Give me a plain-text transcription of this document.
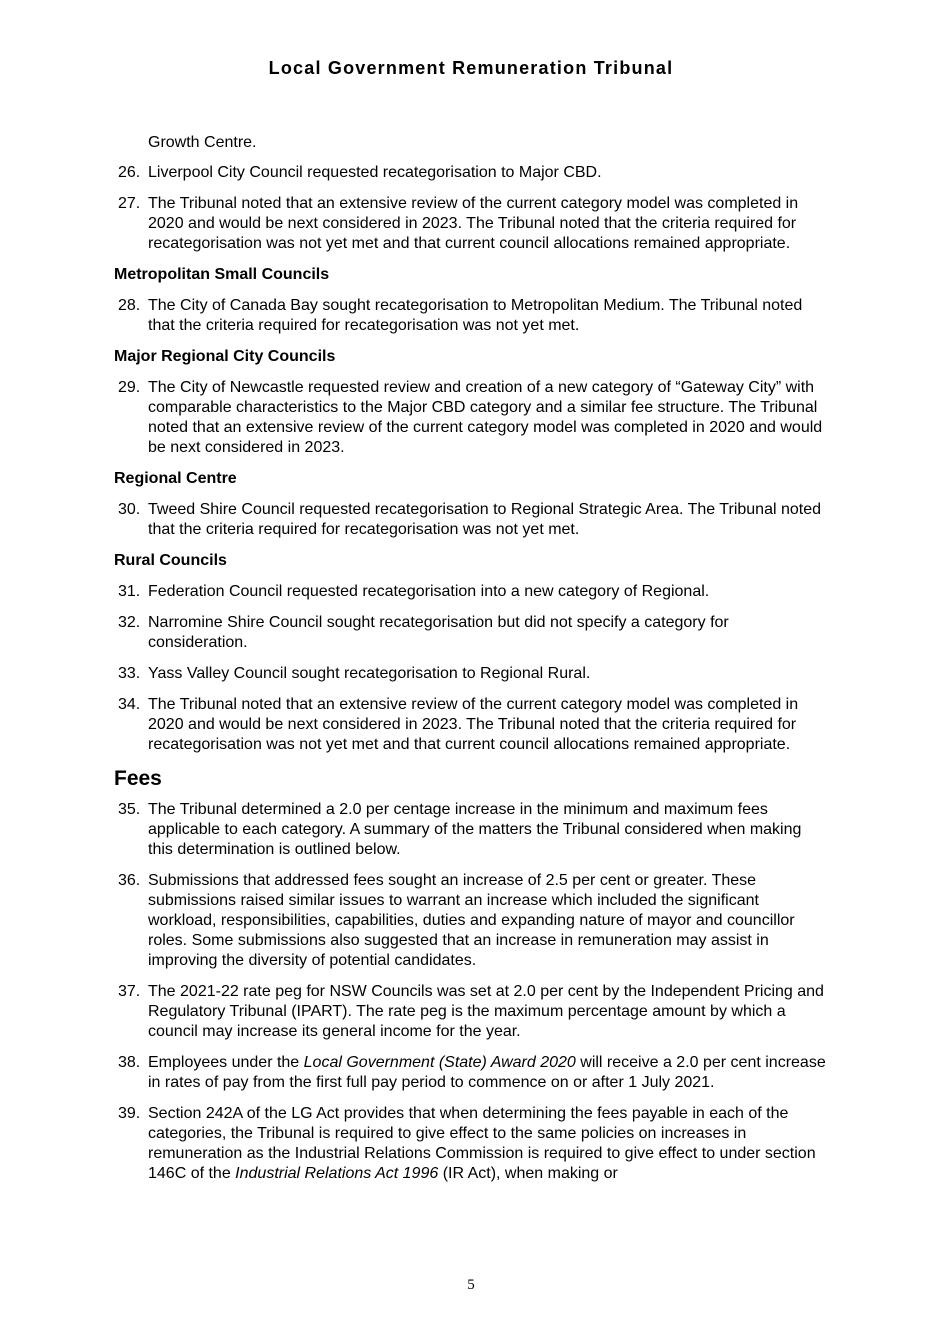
Local Government Remuneration Tribunal
Growth Centre.
26. Liverpool City Council requested recategorisation to Major CBD.
27. The Tribunal noted that an extensive review of the current category model was completed in 2020 and would be next considered in 2023. The Tribunal noted that the criteria required for recategorisation was not yet met and that current council allocations remained appropriate.
Metropolitan Small Councils
28. The City of Canada Bay sought recategorisation to Metropolitan Medium. The Tribunal noted that the criteria required for recategorisation was not yet met.
Major Regional City Councils
29. The City of Newcastle requested review and creation of a new category of “Gateway City” with comparable characteristics to the Major CBD category and a similar fee structure. The Tribunal noted that an extensive review of the current category model was completed in 2020 and would be next considered in 2023.
Regional Centre
30. Tweed Shire Council requested recategorisation to Regional Strategic Area. The Tribunal noted that the criteria required for recategorisation was not yet met.
Rural Councils
31. Federation Council requested recategorisation into a new category of Regional.
32. Narromine Shire Council sought recategorisation but did not specify a category for consideration.
33. Yass Valley Council sought recategorisation to Regional Rural.
34. The Tribunal noted that an extensive review of the current category model was completed in 2020 and would be next considered in 2023. The Tribunal noted that the criteria required for recategorisation was not yet met and that current council allocations remained appropriate.
Fees
35. The Tribunal determined a 2.0 per centage increase in the minimum and maximum fees applicable to each category. A summary of the matters the Tribunal considered when making this determination is outlined below.
36. Submissions that addressed fees sought an increase of 2.5 per cent or greater. These submissions raised similar issues to warrant an increase which included the significant workload, responsibilities, capabilities, duties and expanding nature of mayor and councillor roles. Some submissions also suggested that an increase in remuneration may assist in improving the diversity of potential candidates.
37. The 2021-22 rate peg for NSW Councils was set at 2.0 per cent by the Independent Pricing and Regulatory Tribunal (IPART). The rate peg is the maximum percentage amount by which a council may increase its general income for the year.
38. Employees under the Local Government (State) Award 2020 will receive a 2.0 per cent increase in rates of pay from the first full pay period to commence on or after 1 July 2021.
39. Section 242A of the LG Act provides that when determining the fees payable in each of the categories, the Tribunal is required to give effect to the same policies on increases in remuneration as the Industrial Relations Commission is required to give effect to under section 146C of the Industrial Relations Act 1996 (IR Act), when making or
5
